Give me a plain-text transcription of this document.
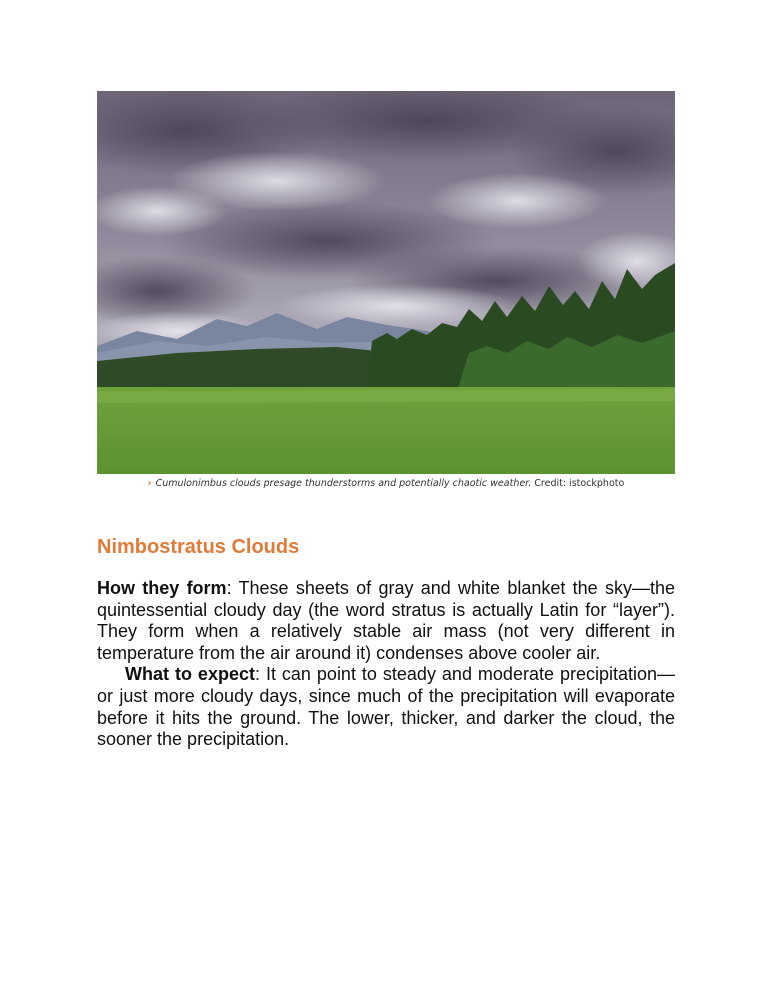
› Cumulonimbus clouds presage thunderstorms and potentially chaotic weather. Credit: istockphoto
Nimbostratus Clouds

How they form: These sheets of gray and white blanket the sky—the quintessential cloudy day (the word stratus is actually Latin for “layer”). They form when a relatively stable air mass (not very different in temperature from the air around it) condenses above cooler air.

What to expect: It can point to steady and moderate precipitation—or just more cloudy days, since much of the precipitation will evaporate before it hits the ground. The lower, thicker, and darker the cloud, the sooner the precipitation.
